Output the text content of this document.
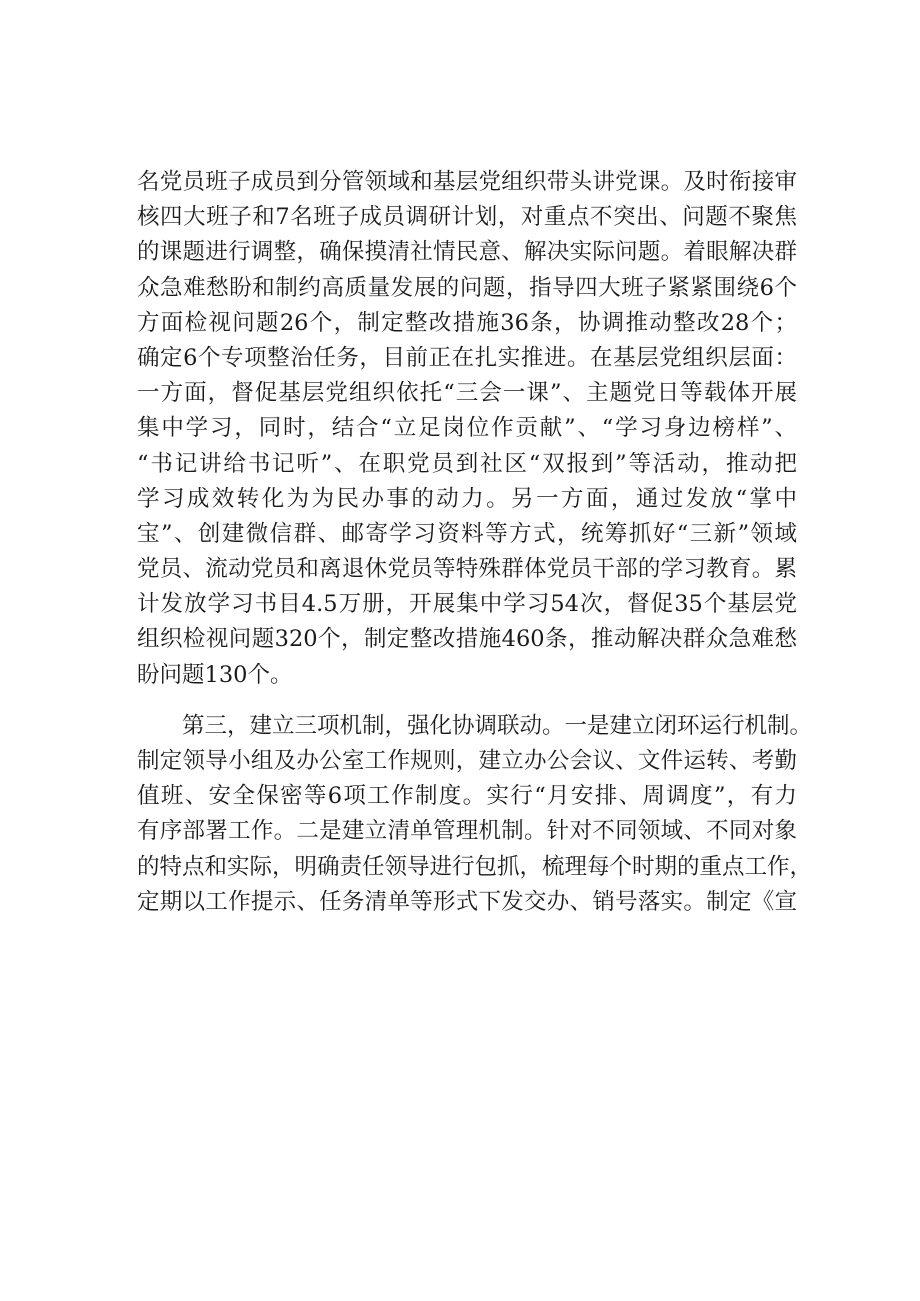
名党员班子成员到分管领域和基层党组织带头讲党课。及时衔接审
核四大班子和7名班子成员调研计划，对重点不突出、问题不聚焦
的课题进行调整，确保摸清社情民意、解决实际问题。着眼解决群
众急难愁盼和制约高质量发展的问题，指导四大班子紧紧围绕6个
方面检视问题26个，制定整改措施36条，协调推动整改28个；
确定6个专项整治任务，目前正在扎实推进。在基层党组织层面：
一方面，督促基层党组织依托“三会一课”、主题党日等载体开展
集中学习，同时，结合“立足岗位作贡献”、“学习身边榜样”、
“书记讲给书记听”、在职党员到社区“双报到”等活动，推动把
学习成效转化为为民办事的动力。另一方面，通过发放“掌中
宝”、创建微信群、邮寄学习资料等方式，统筹抓好“三新”领域
党员、流动党员和离退休党员等特殊群体党员干部的学习教育。累
计发放学习书目4.5万册，开展集中学习54次，督促35个基层党
组织检视问题320个，制定整改措施460条，推动解决群众急难愁
盼问题130个。
　　第三，建立三项机制，强化协调联动。一是建立闭环运行机制。
制定领导小组及办公室工作规则，建立办公会议、文件运转、考勤
值班、安全保密等6项工作制度。实行“月安排、周调度”，有力
有序部署工作。二是建立清单管理机制。针对不同领域、不同对象
的特点和实际，明确责任领导进行包抓，梳理每个时期的重点工作，
定期以工作提示、任务清单等形式下发交办、销号落实。制定《宣
